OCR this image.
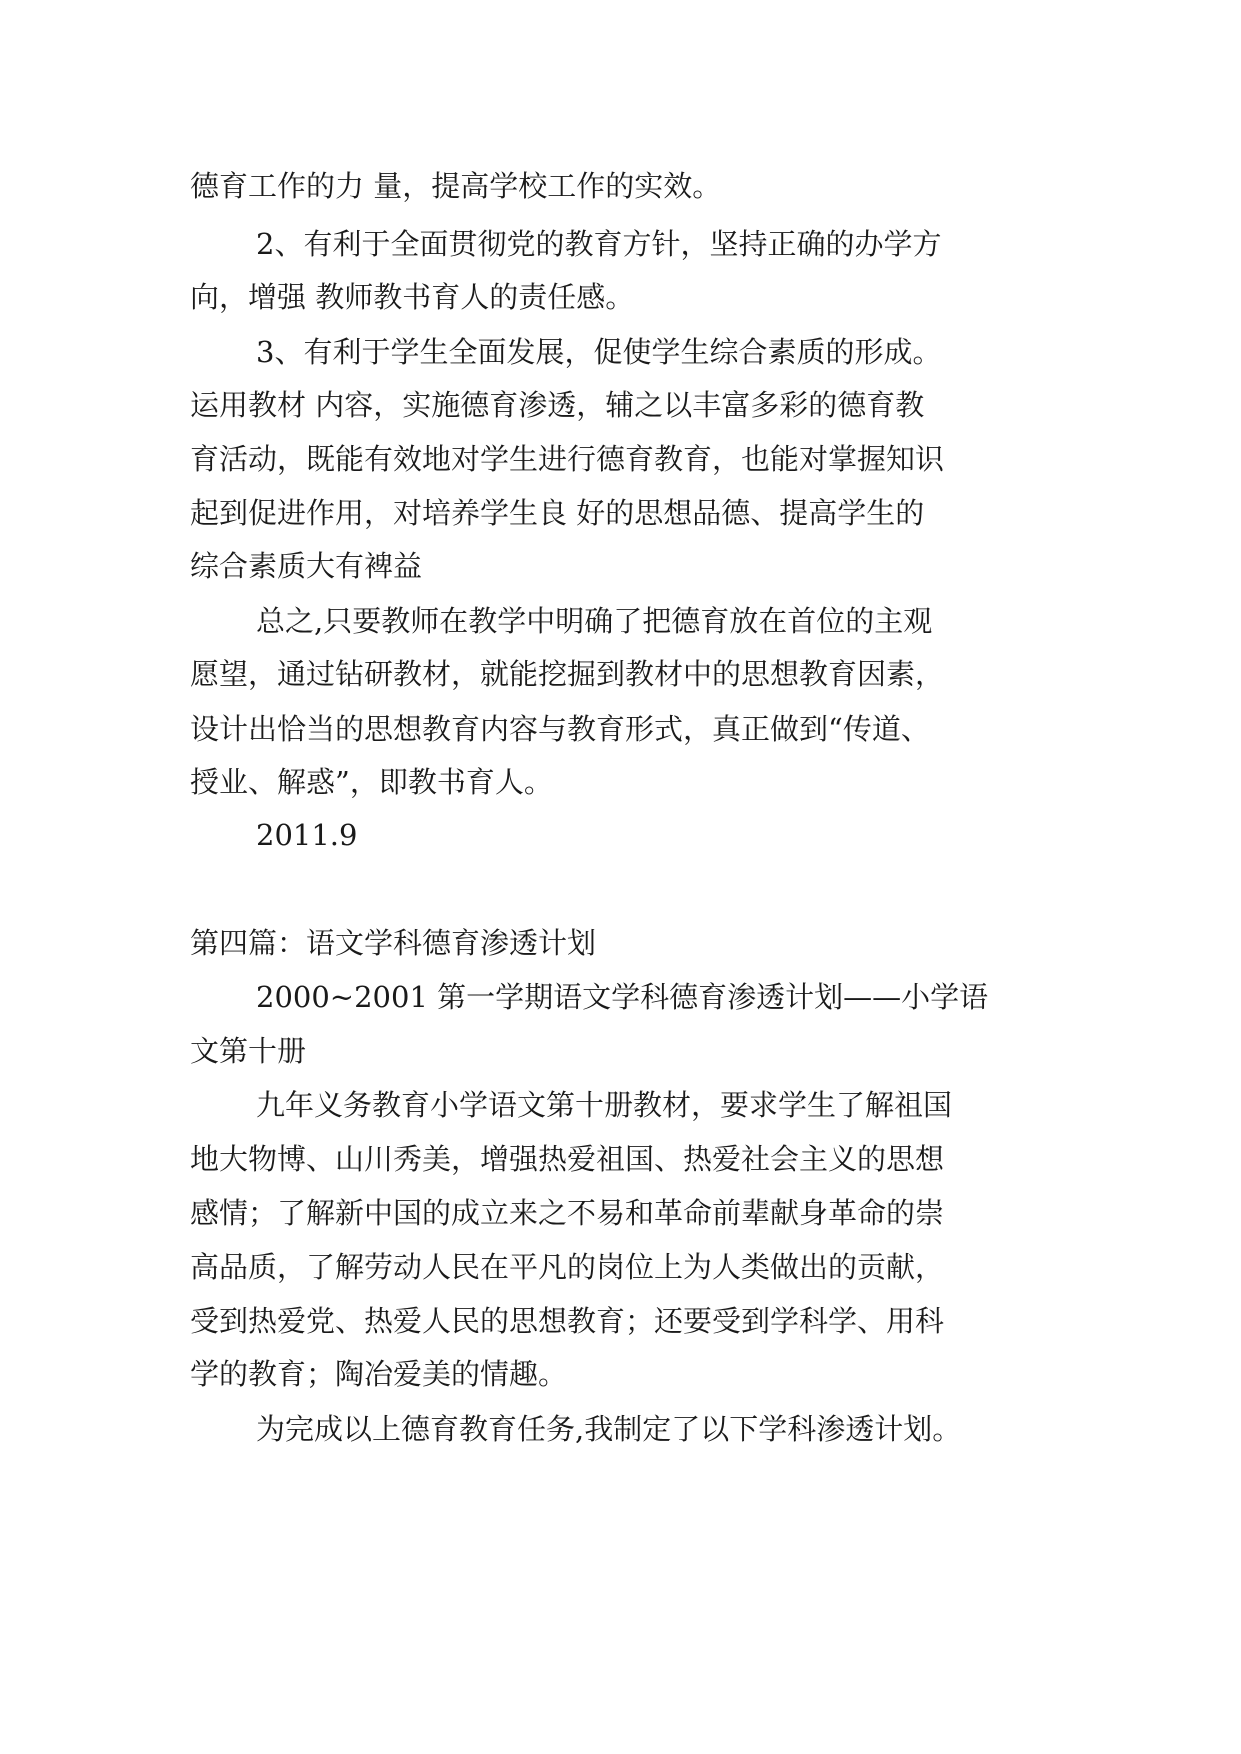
德育工作的力 量，提高学校工作的实效。
2、有利于全面贯彻党的教育方针，坚持正确的办学方
向，增强 教师教书育人的责任感。
3、有利于学生全面发展，促使学生综合素质的形成。
运用教材 内容，实施德育渗透，辅之以丰富多彩的德育教
育活动，既能有效地对学生进行德育教育，也能对掌握知识
起到促进作用，对培养学生良 好的思想品德、提高学生的
综合素质大有裨益
总之,只要教师在教学中明确了把德育放在首位的主观
愿望，通过钻研教材，就能挖掘到教材中的思想教育因素，
设计出恰当的思想教育内容与教育形式，真正做到“传道、
授业、解惑”，即教书育人。
2011.9
第四篇：语文学科德育渗透计划
2000~2001 第一学期语文学科德育渗透计划——小学语
文第十册
九年义务教育小学语文第十册教材，要求学生了解祖国
地大物博、山川秀美，增强热爱祖国、热爱社会主义的思想
感情；了解新中国的成立来之不易和革命前辈献身革命的崇
高品质，了解劳动人民在平凡的岗位上为人类做出的贡献，
受到热爱党、热爱人民的思想教育；还要受到学科学、用科
学的教育；陶冶爱美的情趣。
为完成以上德育教育任务,我制定了以下学科渗透计划。
